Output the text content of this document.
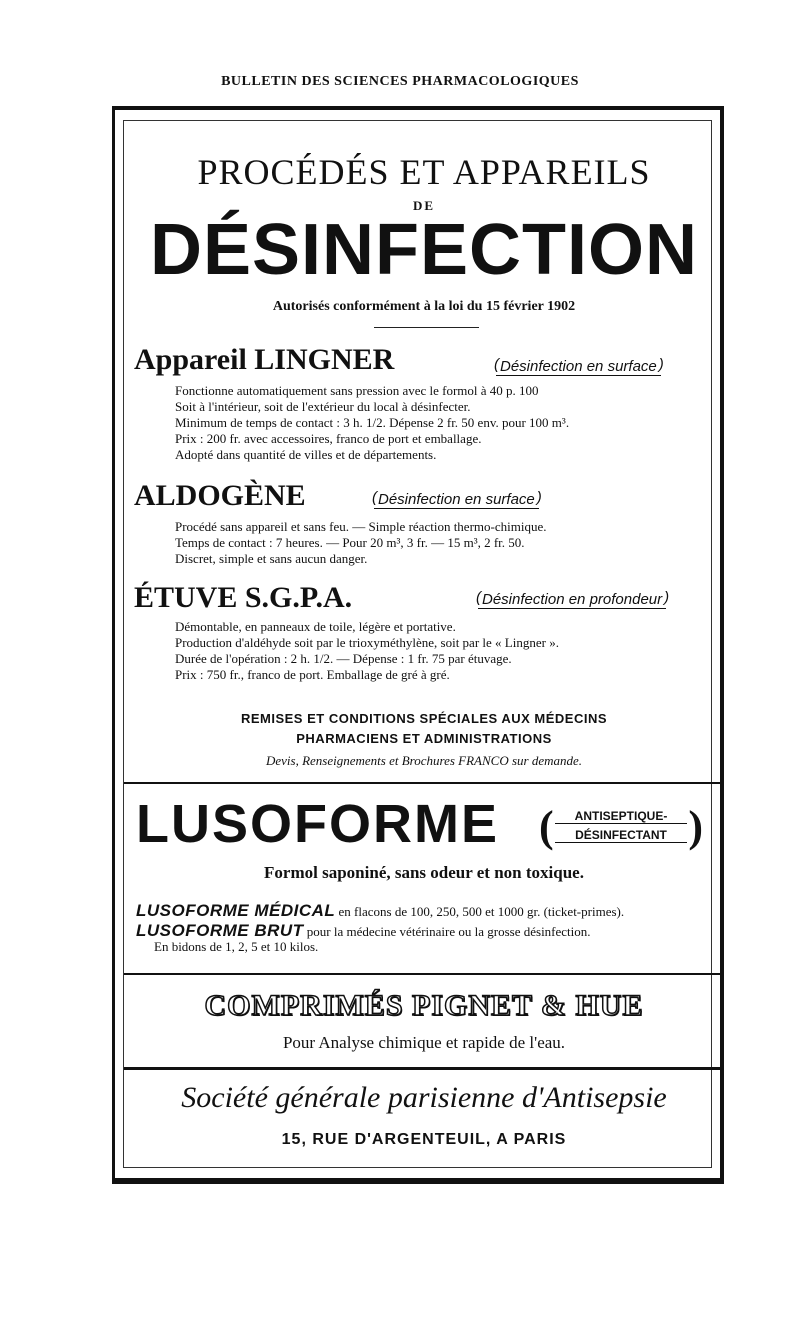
BULLETIN DES SCIENCES PHARMACOLOGIQUES
PROCÉDÉS ET APPAREILS
DE
DÉSINFECTION
Autorisés conformément à la loi du 15 février 1902
Appareil LINGNER	( Désinfection en surface )
Fonctionne automatiquement sans pression avec le formol à 40 p. 100
Soit à l'intérieur, soit de l'extérieur du local à désinfecter.
Minimum de temps de contact : 3 h. 1/2. Dépense 2 fr. 50 env. pour 100 m³.
Prix : 200 fr. avec accessoires, franco de port et emballage.
Adopté dans quantité de villes et de départements.
ALDOGÈNE	( Désinfection en surface )
Procédé sans appareil et sans feu. — Simple réaction thermo-chimique.
Temps de contact : 7 heures. — Pour 20 m³, 3 fr. — 15 m³, 2 fr. 50.
Discret, simple et sans aucun danger.
ÉTUVE S.G.P.A.	( Désinfection en profondeur )
Démontable, en panneaux de toile, légère et portative.
Production d'aldéhyde soit par le trioxyméthylène, soit par le « Lingner ».
Durée de l'opération : 2 h. 1/2. — Dépense : 1 fr. 75 par étuvage.
Prix : 750 fr., franco de port. Emballage de gré à gré.
REMISES ET CONDITIONS SPÉCIALES AUX MÉDECINS
PHARMACIENS ET ADMINISTRATIONS
Devis, Renseignements et Brochures FRANCO sur demande.
LUSOFORME (	ANTISEPTIQUE-
DÉSINFECTANT )
Formol saponiné, sans odeur et non toxique.
LUSOFORME MÉDICAL en flacons de 100, 250, 500 et 1000 gr. (ticket-primes).
LUSOFORME BRUT pour la médecine vétérinaire ou la grosse désinfection.
En bidons de 1, 2, 5 et 10 kilos.
COMPRIMÉS PIGNET & HUE
Pour Analyse chimique et rapide de l'eau.
Société générale parisienne d'Antisepsie
15, RUE D'ARGENTEUIL, A PARIS
